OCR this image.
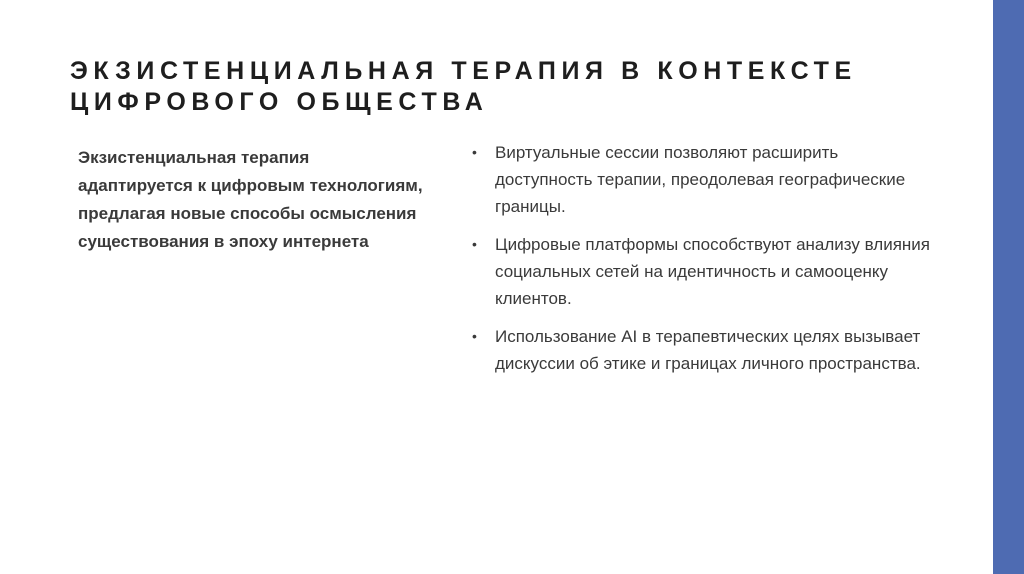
ЭКЗИСТЕНЦИАЛЬНАЯ ТЕРАПИЯ В КОНТЕКСТЕ ЦИФРОВОГО ОБЩЕСТВА

Экзистенциальная терапия адаптируется к цифровым технологиям, предлагая новые способы осмысления существования в эпоху интернета

• Виртуальные сессии позволяют расширить доступность терапии, преодолевая географические границы.
• Цифровые платформы способствуют анализу влияния социальных сетей на идентичность и самооценку клиентов.
• Использование AI в терапевтических целях вызывает дискуссии об этике и границах личного пространства.
